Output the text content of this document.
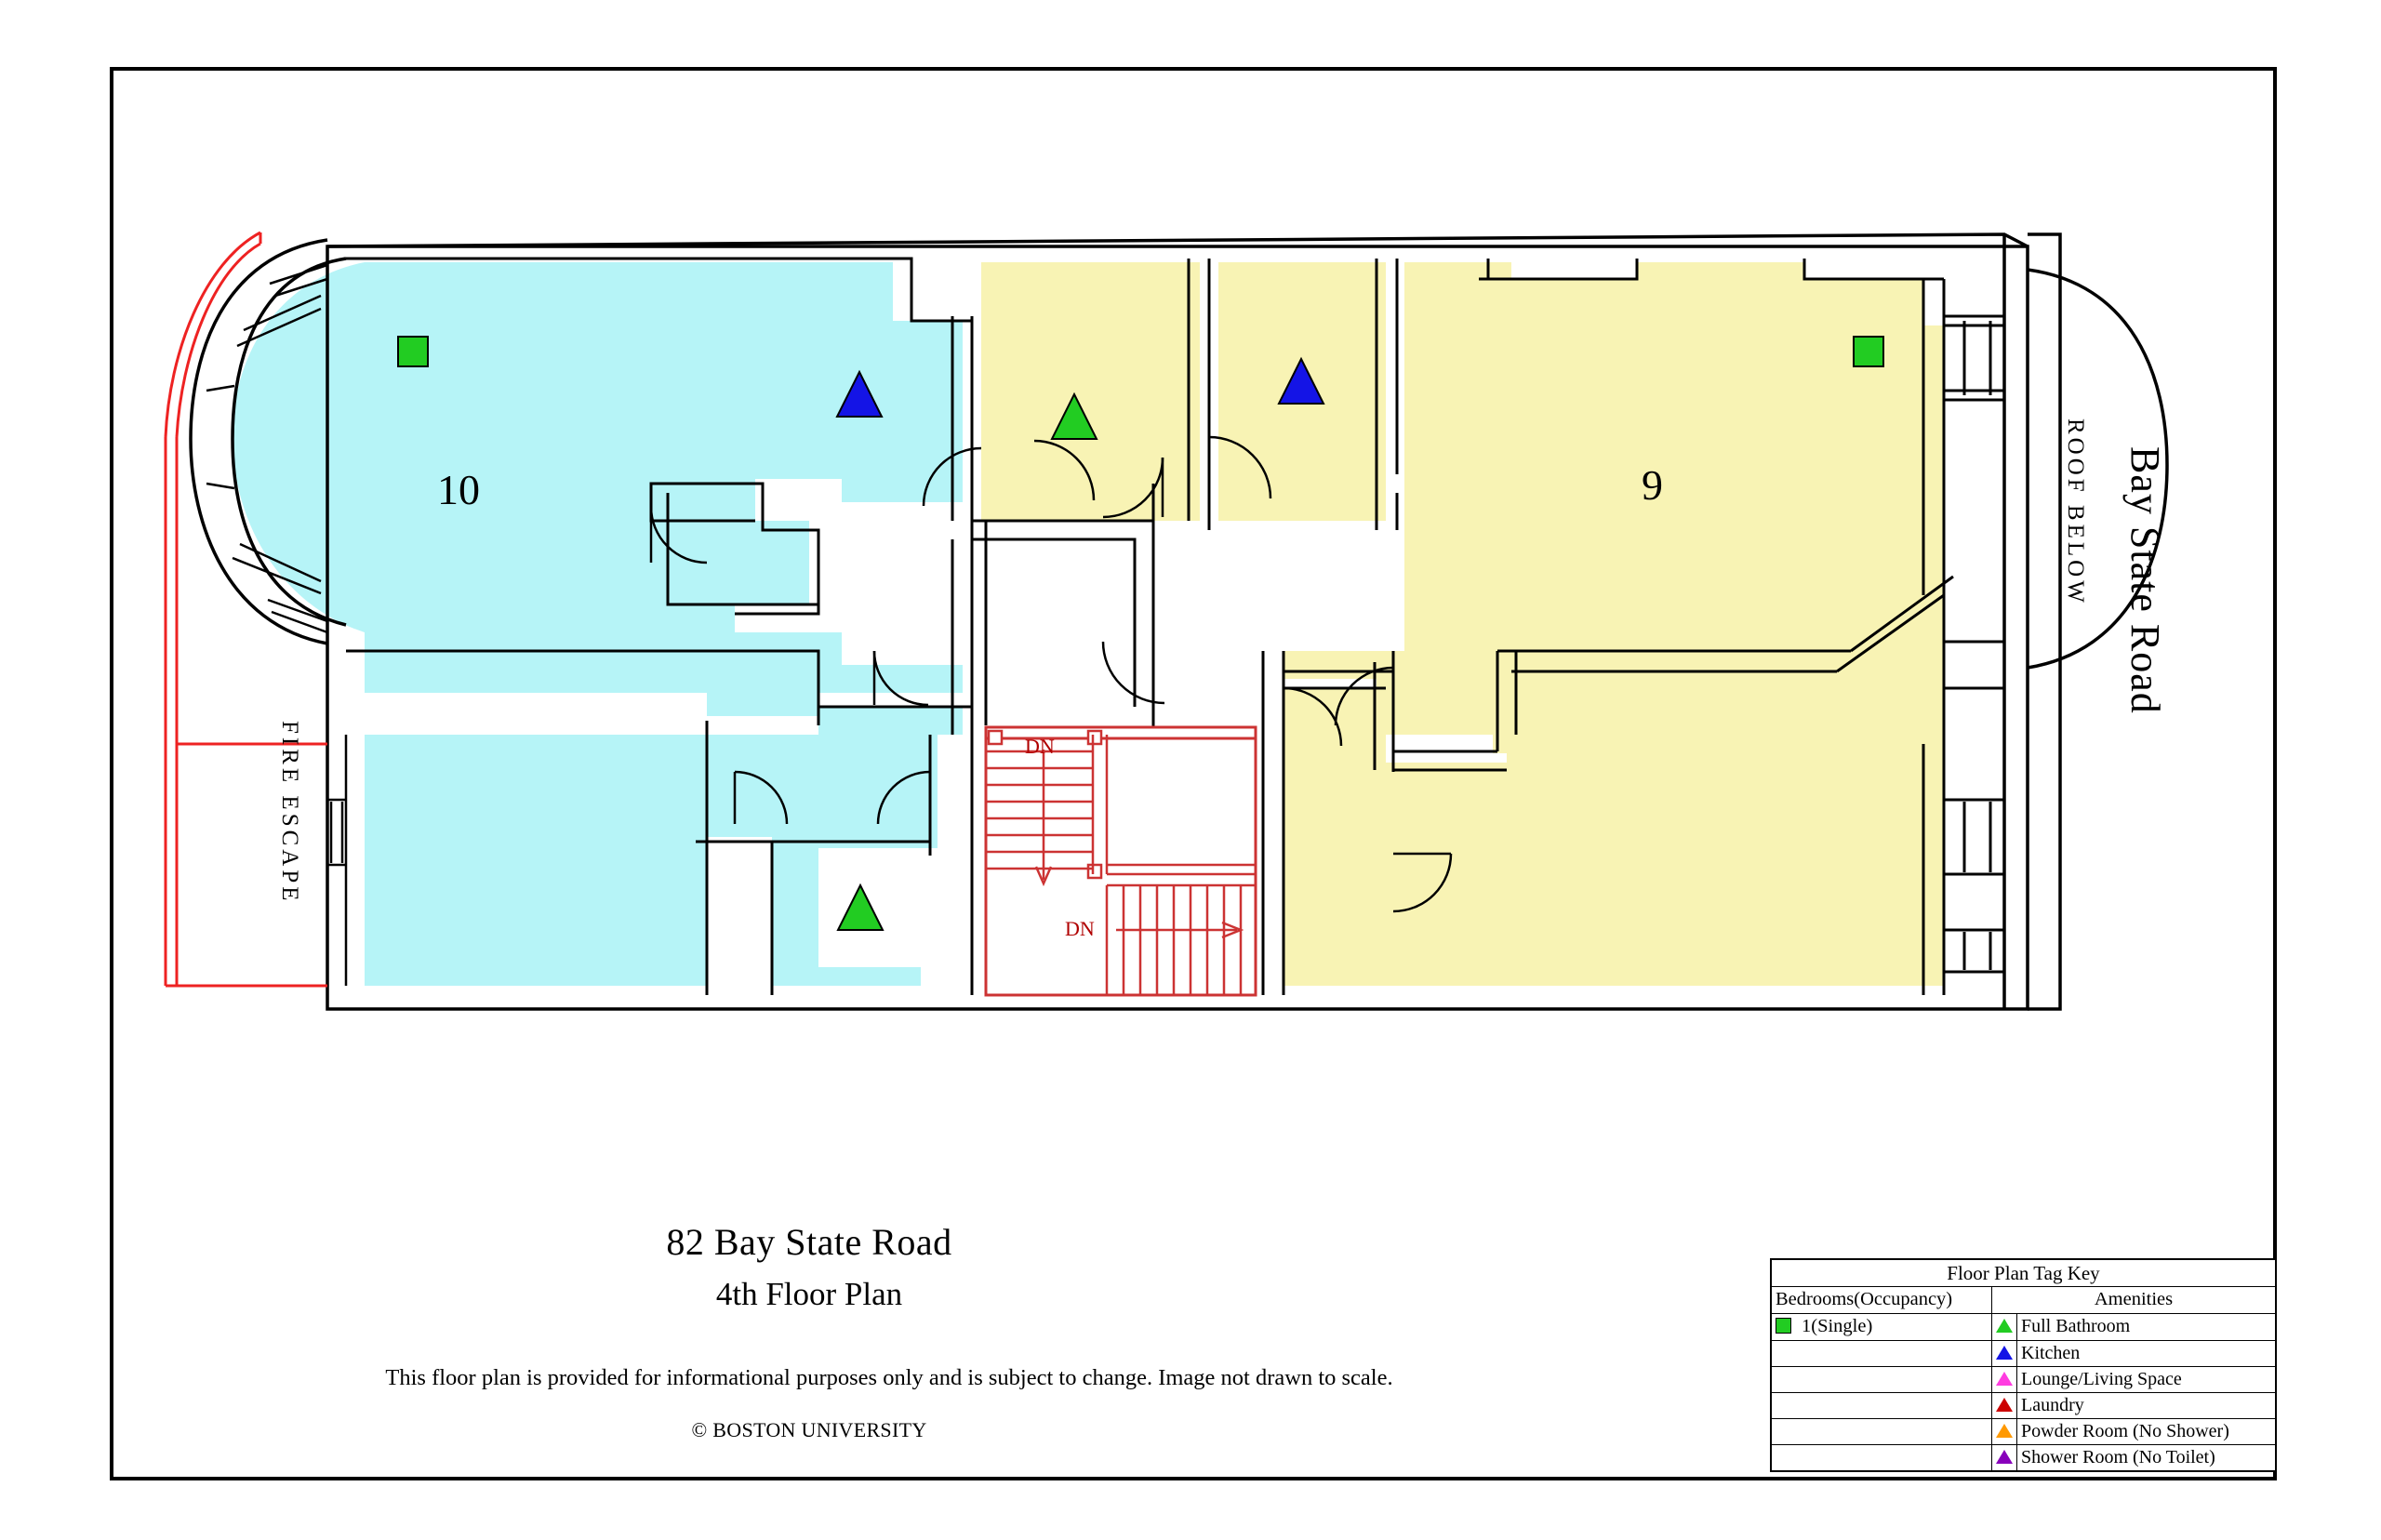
10	9
DN
DN
ROOF BELOW
FIRE ESCAPE
82 Bay State Road
4th Floor Plan
This floor plan is provided for informational purposes only and is subject to change. Image not drawn to scale.
© BOSTON UNIVERSITY
Floor Plan Tag Key		
Bedrooms(Occupancy)	Amenities	
1(Single)		Full Bathroom
		Kitchen
		Lounge/Living Space
		Laundry
		Powder Room (No Shower)
		Shower Room (No Toilet)
